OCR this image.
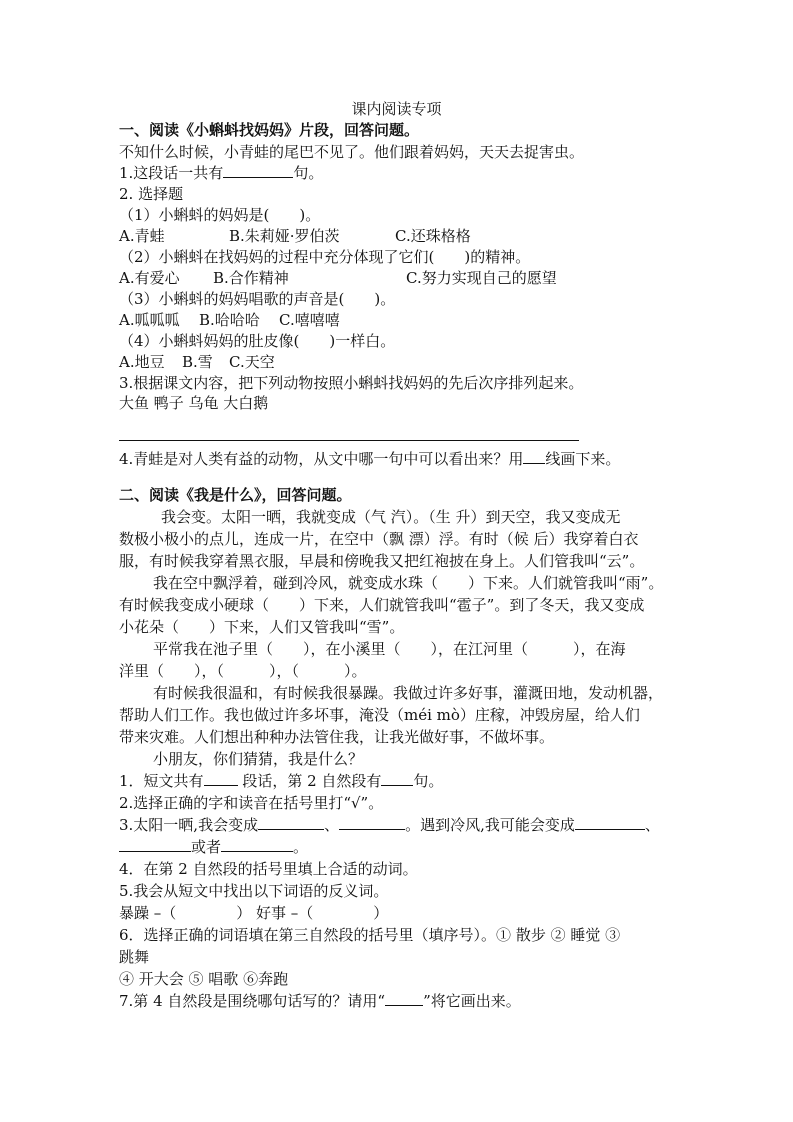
课内阅读专项
一、阅读《小蝌蚪找妈妈》片段，回答问题。
不知什么时候，小青蛙的尾巴不见了。他们跟着妈妈，天天去捉害虫。
1.这段话一共有	句。
2. 选择题
（1）小蝌蚪的妈妈是(　　)。
A.青蛙	B.朱莉娅·罗伯茨	C.还珠格格
（2）小蝌蚪在找妈妈的过程中充分体现了它们(　　)的精神。
A.有爱心 B.合作精神	C.努力实现自己的愿望
（3）小蝌蚪的妈妈唱歌的声音是(　　)。
A.呱呱呱 B.哈哈哈 C.嘻嘻嘻
（4）小蝌蚪妈妈的肚皮像(　　)一样白。
A.地豆 B.雪 C.天空
3.根据课文内容，把下列动物按照小蝌蚪找妈妈的先后次序排列起来。
大鱼 鸭子 乌龟 大白鹅
4.青蛙是对人类有益的动物，从文中哪一句中可以看出来？用 线画下来。
二、阅读《我是什么》，回答问题。
我会变。太阳一晒，我就变成（气 汽）。（生 升）到天空，我又变成无
数极小极小的点儿，连成一片，在空中（飘 漂）浮。有时（候 后）我穿着白衣
服，有时候我穿着黑衣服，早晨和傍晚我又把红袍披在身上。人们管我叫“云”。
我在空中飘浮着，碰到冷风，就变成水珠（　　）下来。人们就管我叫“雨”。
有时候我变成小硬球（　　）下来，人们就管我叫“雹子”。到了冬天，我又变成
小花朵（　　）下来，人们又管我叫“雪”。
平常我在池子里（　　），在小溪里（　　），在江河里（　　　），在海
洋里（　　），（　　　），（　　　）。
有时候我很温和，有时候我很暴躁。我做过许多好事，灌溉田地，发动机器，
帮助人们工作。我也做过许多坏事，淹没（méi mò）庄稼，冲毁房屋，给人们
带来灾难。人们想出种种办法管住我，让我光做好事，不做坏事。
小朋友，你们猜猜，我是什么？
1．短文共有	段话，第 2 自然段有 句。
2.选择正确的字和读音在括号里打“√”。
3.太阳一晒,我会变成	、	。遇到冷风,我可能会变成	、
或者	。
4．在第 2 自然段的括号里填上合适的动词。
5.我会从短文中找出以下词语的反义词。
暴躁 –（　　　　） 好事 –（　　　　）
6．选择正确的词语填在第三自然段的括号里（填序号）。① 散步 ② 睡觉 ③
跳舞
④ 开大会 ⑤ 唱歌 ⑥奔跑
7.第 4 自然段是围绕哪句话写的？请用“	”将它画出来。
